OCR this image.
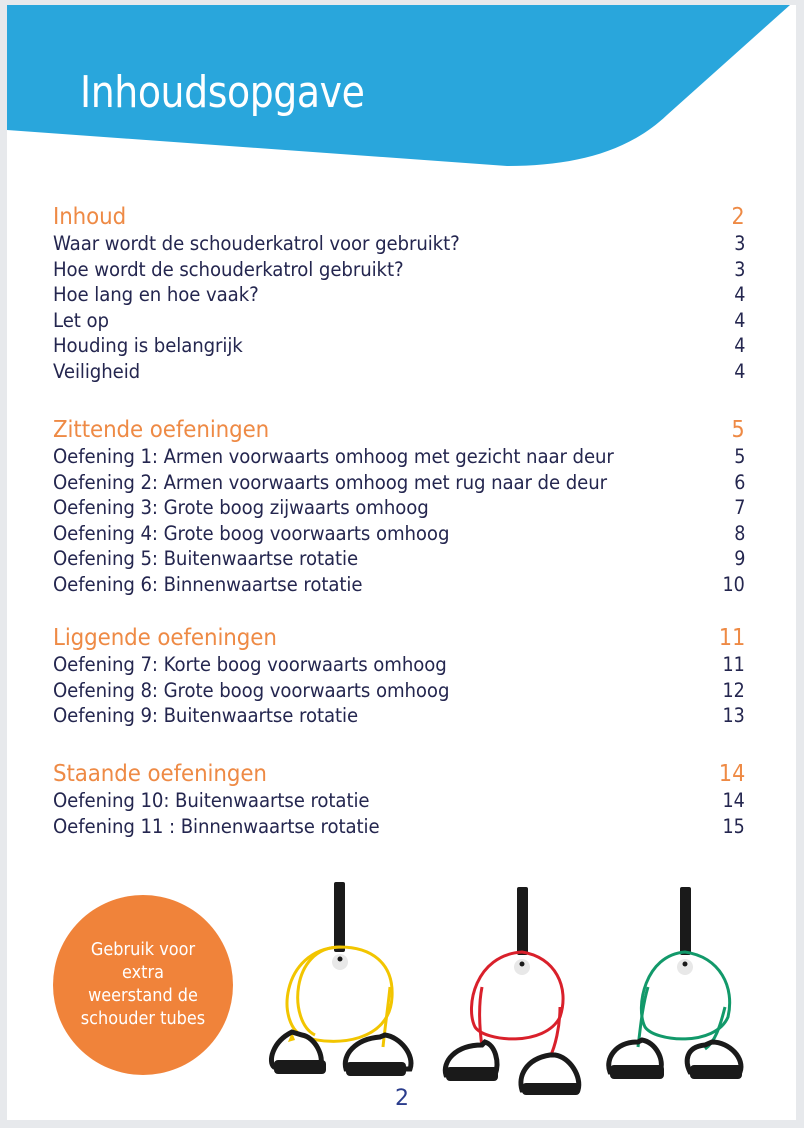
Inhoudsopgave
Inhoud	2
Waar wordt de schouderkatrol voor gebruikt?	3
Hoe wordt de schouderkatrol gebruikt?	3
Hoe lang en hoe vaak?	4
Let op	4
Houding is belangrijk	4
Veiligheid	4
Zittende oefeningen	5
Oefening 1: Armen voorwaarts omhoog met gezicht naar deur	5
Oefening 2: Armen voorwaarts omhoog met rug naar de deur	6
Oefening 3: Grote boog zijwaarts omhoog	7
Oefening 4: Grote boog voorwaarts omhoog	8
Oefening 5: Buitenwaartse rotatie	9
Oefening 6: Binnenwaartse rotatie	10
Liggende oefeningen	11
Oefening 7: Korte boog voorwaarts omhoog	11
Oefening 8: Grote boog voorwaarts omhoog	12
Oefening 9: Buitenwaartse rotatie	13
Staande oefeningen	14
Oefening 10: Buitenwaartse rotatie	14
Oefening 11 : Binnenwaartse rotatie	15
Gebruik voor
extra
weerstand de
schouder tubes
2
